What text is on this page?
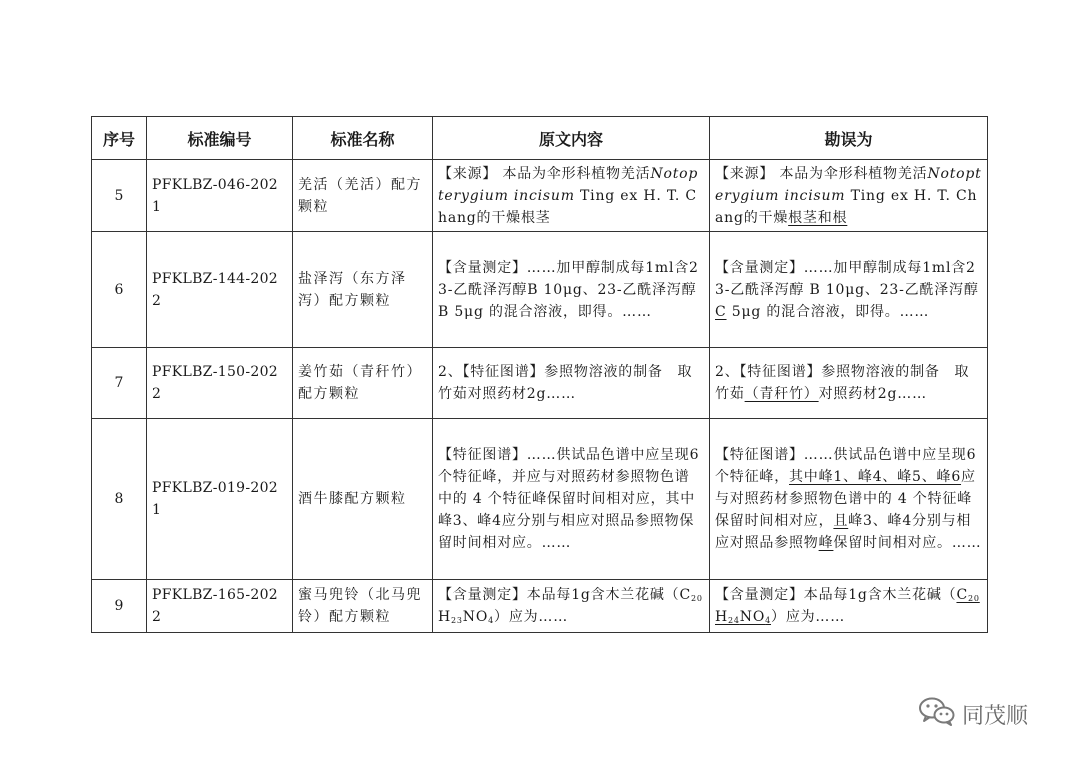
序号	标准编号	标准名称	原文内容	勘误为
5	PFKLBZ-046-2021	羌活（羌活）配方颗粒	【来源】 本品为伞形科植物羌活Notopterygium incisum Ting ex H. T. Chang的干燥根茎	【来源】 本品为伞形科植物羌活Notopterygium incisum Ting ex H. T. Chang的干燥根茎和根
6	PFKLBZ-144-2022	盐泽泻（东方泽泻）配方颗粒	【含量测定】……加甲醇制成每1ml含23-乙酰泽泻醇B 10μg、23-乙酰泽泻醇 B 5μg 的混合溶液，即得。……	【含量测定】……加甲醇制成每1ml含23-乙酰泽泻醇 B 10μg、23-乙酰泽泻醇 C 5μg 的混合溶液，即得。……
7	PFKLBZ-150-2022	姜竹茹（青秆竹）配方颗粒	2、【特征图谱】参照物溶液的制备　取竹茹对照药材2g……	2、【特征图谱】参照物溶液的制备　取竹茹（青秆竹）对照药材2g……
8	PFKLBZ-019-2021	酒牛膝配方颗粒	【特征图谱】……供试品色谱中应呈现6个特征峰，并应与对照药材参照物色谱中的 4 个特征峰保留时间相对应，其中峰3、峰4应分别与相应对照品参照物保留时间相对应。……	【特征图谱】……供试品色谱中应呈现6个特征峰，其中峰1、峰4、峰5、峰6应与对照药材参照物色谱中的 4 个特征峰保留时间相对应，且峰3、峰4分别与相应对照品参照物峰保留时间相对应。……
9	PFKLBZ-165-2022	蜜马兜铃（北马兜铃）配方颗粒	【含量测定】本品每1g含木兰花碱$(C_{20}H_{23}NO_4)$应为……	【含量测定】本品每1g含木兰花碱$(C_{20}H_{24}NO_4)$应为……
同茂顺
